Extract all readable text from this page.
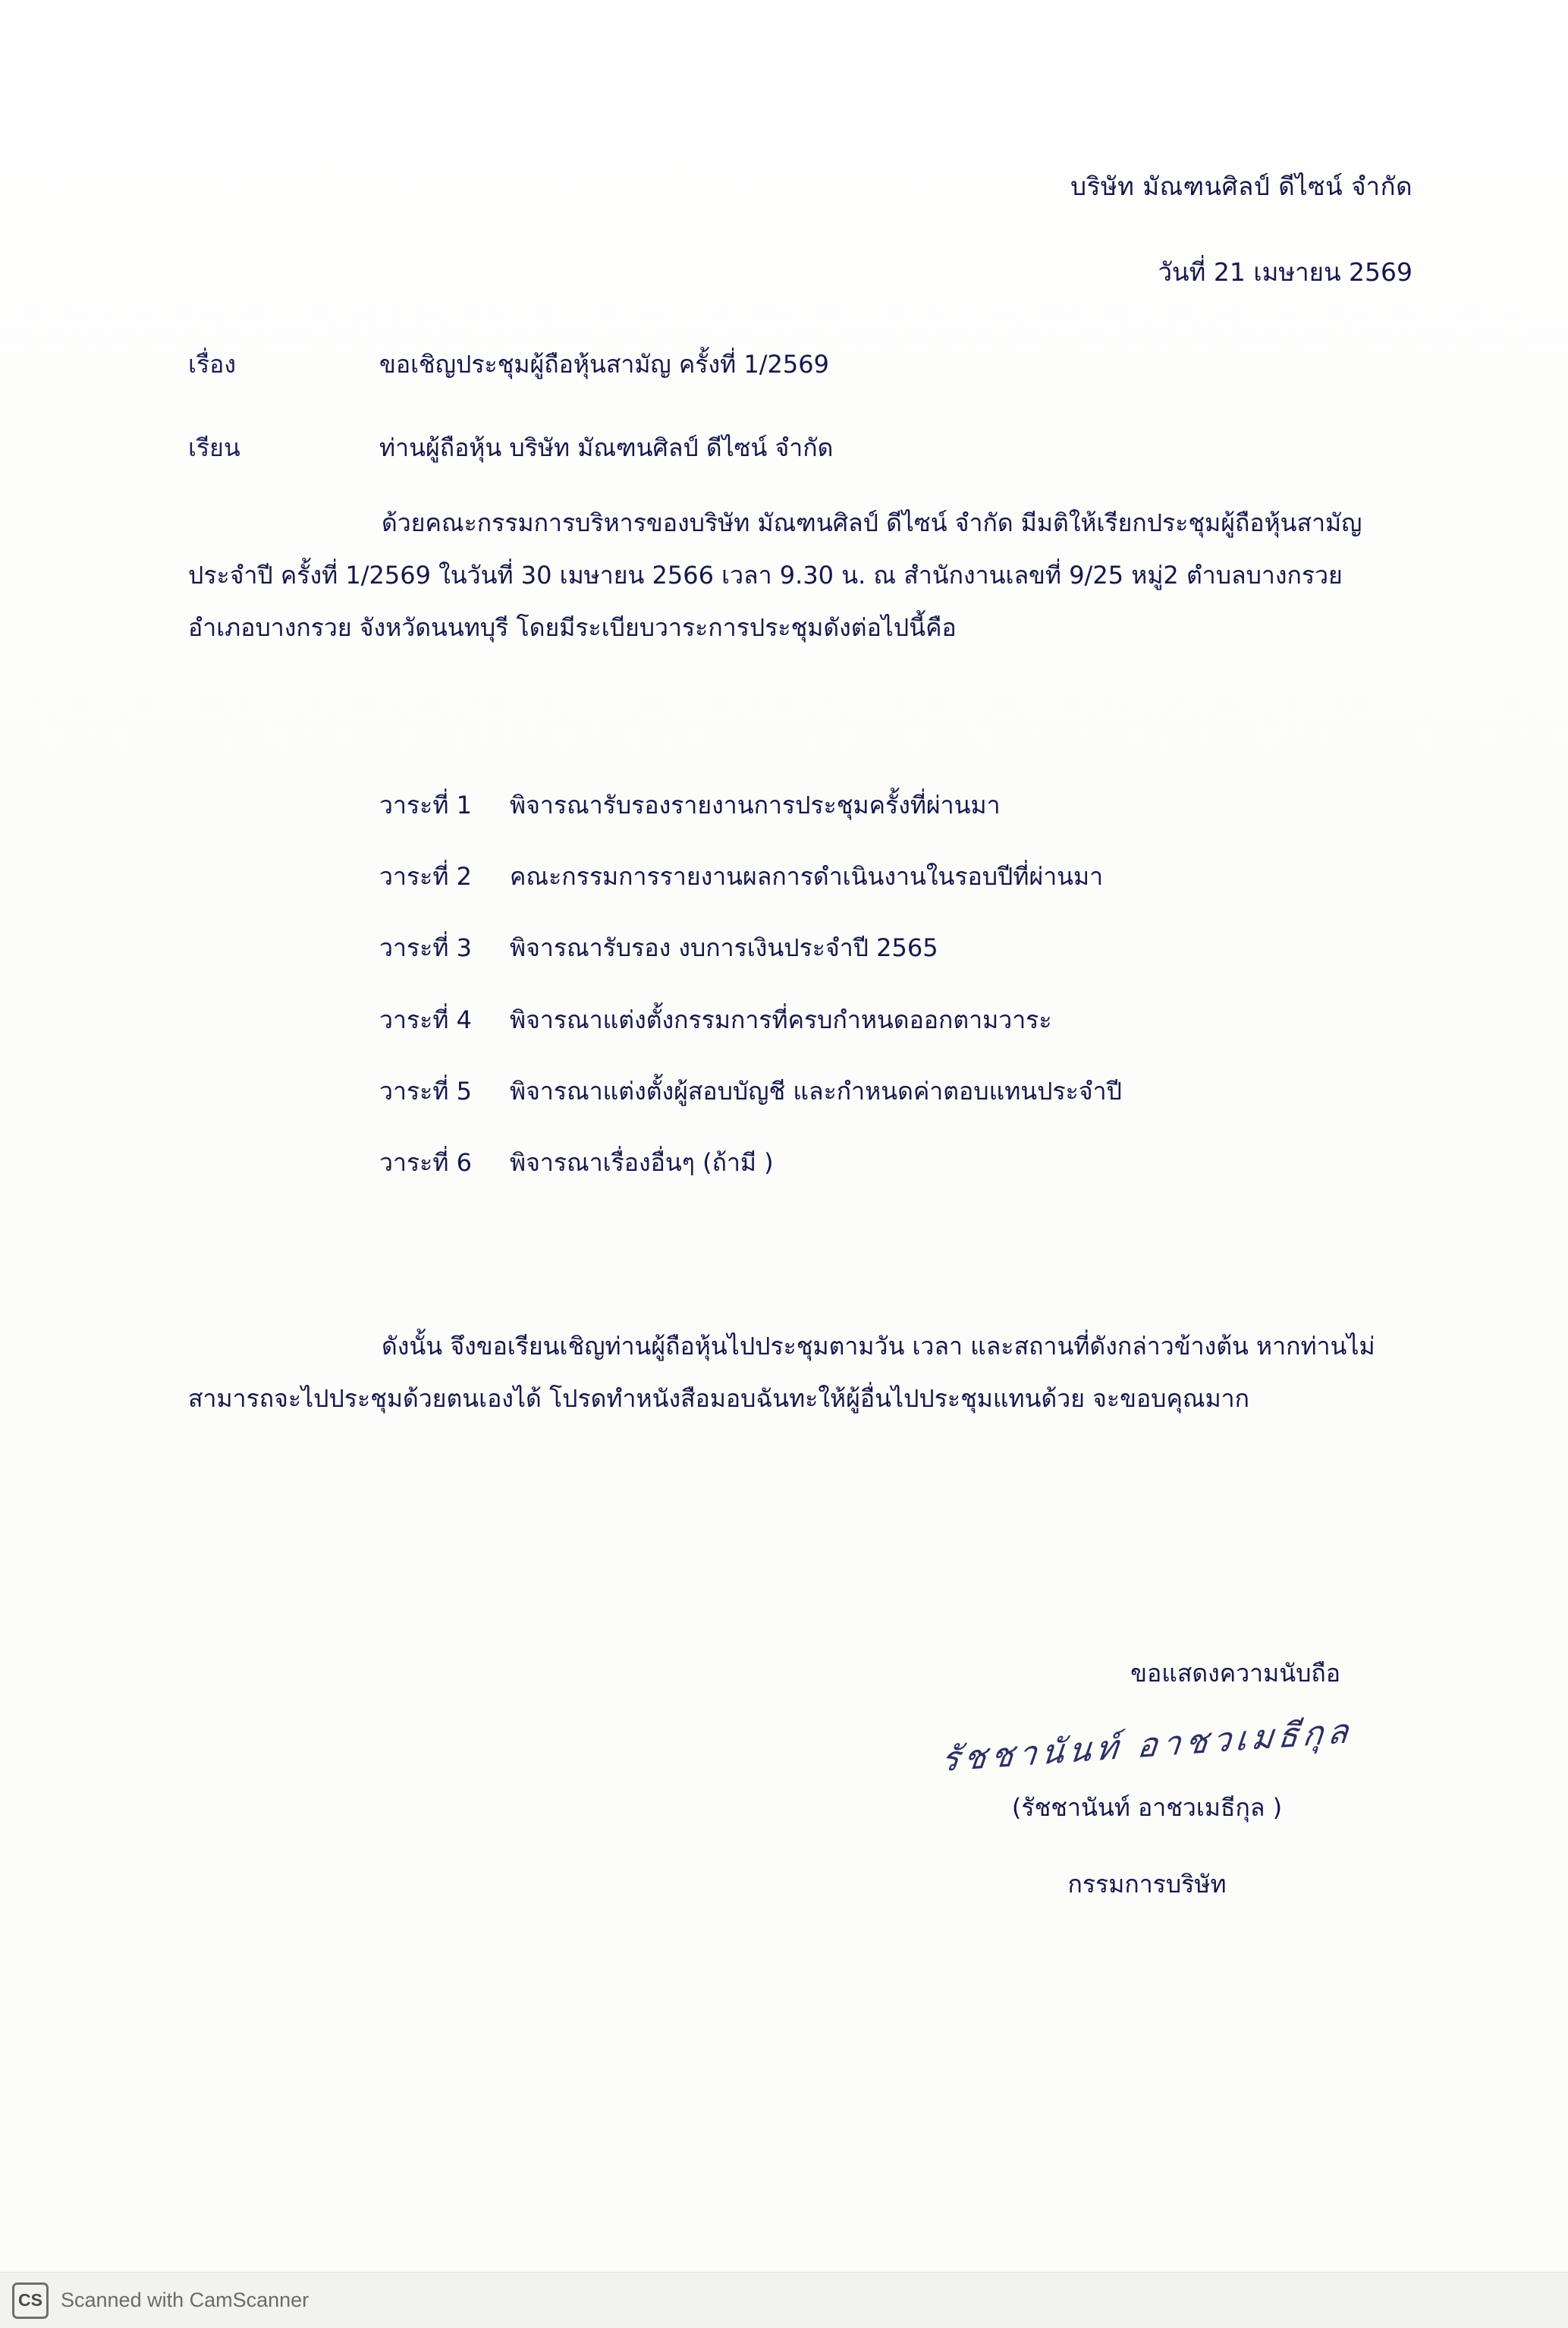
บริษัท มัณฑนศิลป์ ดีไซน์ จำกัด
วันที่ 21 เมษายน 2569
เรื่อง	ขอเชิญประชุมผู้ถือหุ้นสามัญ ครั้งที่ 1/2569
เรียน	ท่านผู้ถือหุ้น บริษัท มัณฑนศิลป์ ดีไซน์ จำกัด
ด้วยคณะกรรมการบริหารของบริษัท มัณฑนศิลป์ ดีไซน์ จำกัด มีมติให้เรียกประชุมผู้ถือหุ้นสามัญประจำปี ครั้งที่ 1/2569 ในวันที่ 30 เมษายน 2566 เวลา 9.30 น. ณ สำนักงานเลขที่ 9/25 หมู่2 ตำบลบางกรวย อำเภอบางกรวย จังหวัดนนทบุรี โดยมีระเบียบวาระการประชุมดังต่อไปนี้คือ
วาระที่ 1 พิจารณารับรองรายงานการประชุมครั้งที่ผ่านมา
วาระที่ 2 คณะกรรมการรายงานผลการดำเนินงานในรอบปีที่ผ่านมา
วาระที่ 3 พิจารณารับรอง งบการเงินประจำปี 2565
วาระที่ 4 พิจารณาแต่งตั้งกรรมการที่ครบกำหนดออกตามวาระ
วาระที่ 5 พิจารณาแต่งตั้งผู้สอบบัญชี และกำหนดค่าตอบแทนประจำปี
วาระที่ 6 พิจารณาเรื่องอื่นๆ (ถ้ามี )
ดังนั้น จึงขอเรียนเชิญท่านผู้ถือหุ้นไปประชุมตามวัน เวลา และสถานที่ดังกล่าวข้างต้น หากท่านไม่สามารถจะไปประชุมด้วยตนเองได้ โปรดทำหนังสือมอบฉันทะให้ผู้อื่นไปประชุมแทนด้วย จะขอบคุณมาก
ขอแสดงความนับถือ
รัชชานันท์ อาชวเมธีกุล
(รัชชานันท์ อาชวเมธีกุล )
กรรมการบริษัท
CS Scanned with CamScanner
